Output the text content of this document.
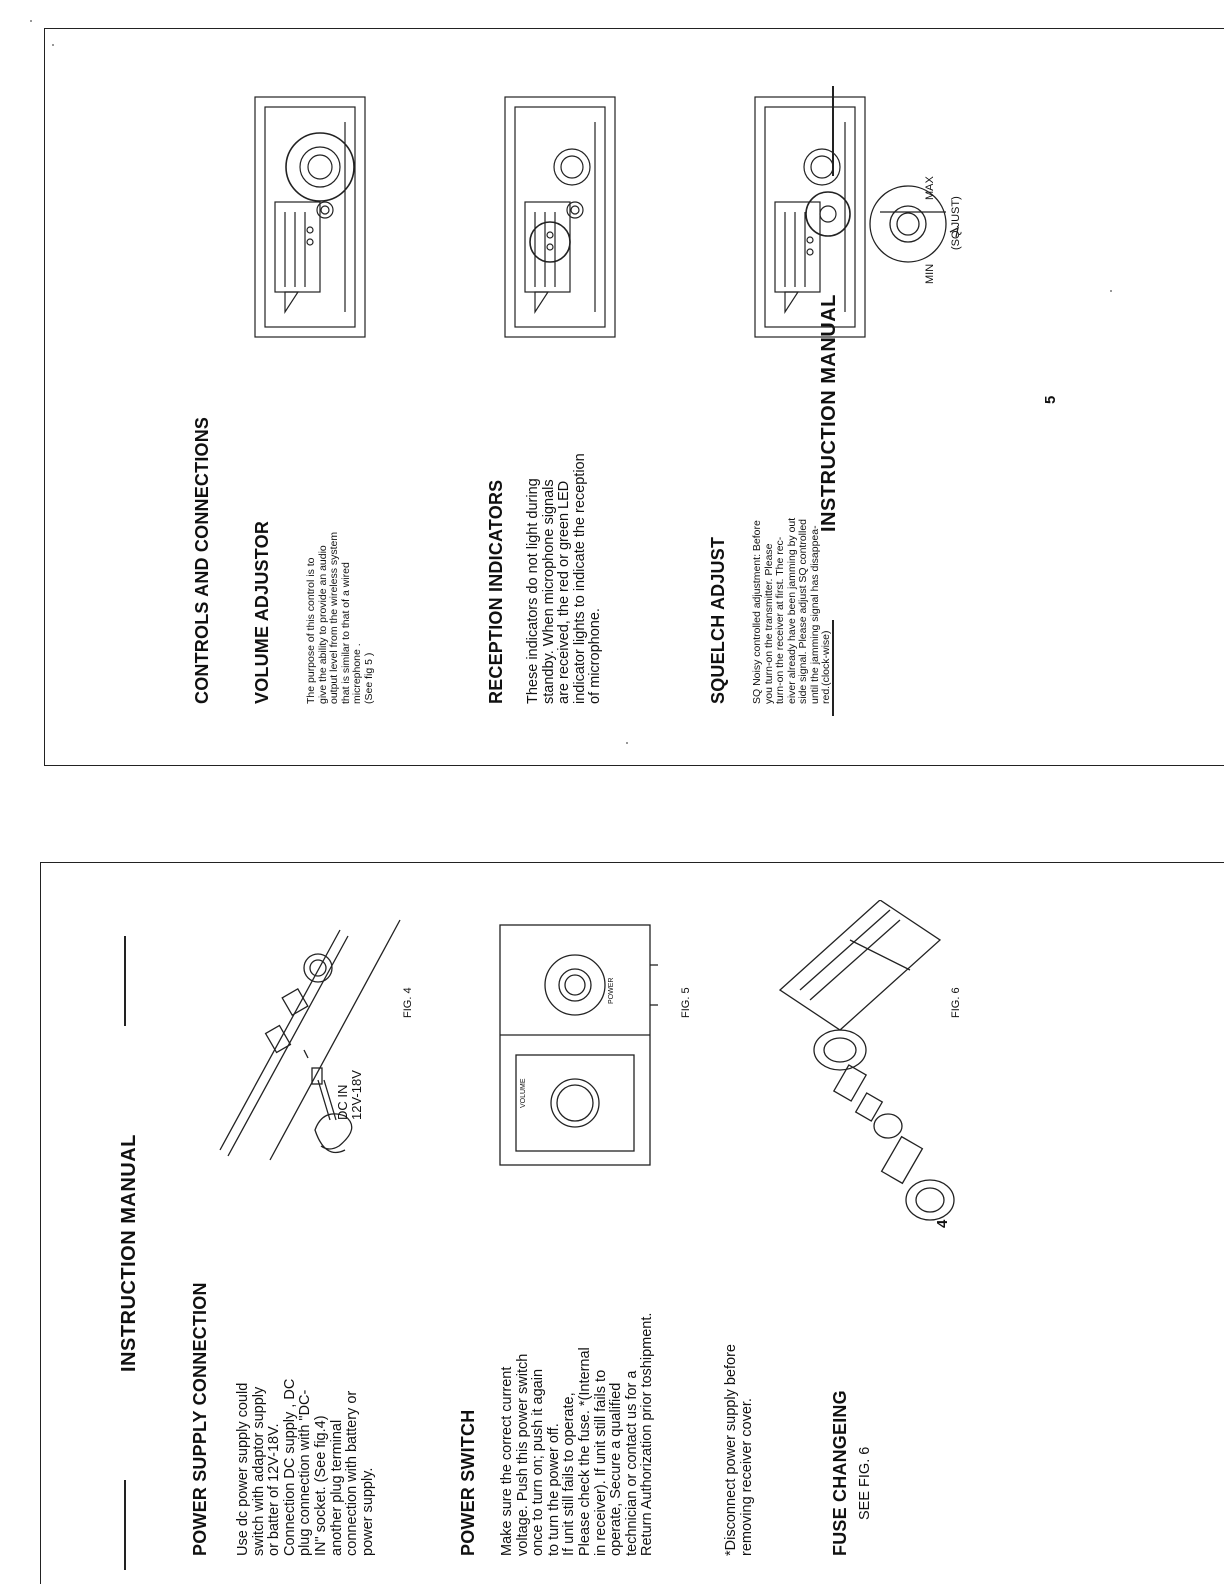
INSTRUCTION MANUAL
POWER SUPPLY CONNECTION Use dc power supply could
switch with adaptor supply
or batter of 12V-18V.
Connection DC supply , DC
plug connection with "DC-
IN" socket. (See fig.4)
another plug terminal
connection with battery or
power supply.	POWER SWITCH Make sure the correct current
voltage. Push this power switch
once to turn on; push it again
to turn the power off.
If unit still fails to operate,
Please check the fuse. *(Internal
in receiver). If unit still fails to
operate, Secure a qualified
technician or contact us for a
Return Authorization prior toshipment.
*Disconnect power supply before
removing receiver cover.	FUSE CHANGEING SEE FIG. 6
4
DC IN
12V-18V
FIG. 4
VOLUME
POWER	FIG. 5	FIG. 6
INSTRUCTION MANUAL
CONTROLS AND CONNECTIONS VOLUME ADJUSTOR	The purpose of this control is to
give the ability to provide an audio
output level from the wireless system
that is similar to that of a wired
micrephone .
(See fig 5 )	RECEPTION INDICATORS These indicators do not light during
standby. When microphone signals
are received, the red or green LED
indicator lights to indicate the reception
of microphone.	SQUELCH ADJUST SQ Noisy controlled adjustment: Before
you turn-on the transmitter. Please
turn-on the receiver at first. The rec-
eiver already have been jamming by out
side signal. Please adjust SQ controlled
until the jamming signal has disappea-
red.(clock-wise)
5
MIN
MAX
(SQ JUST)
